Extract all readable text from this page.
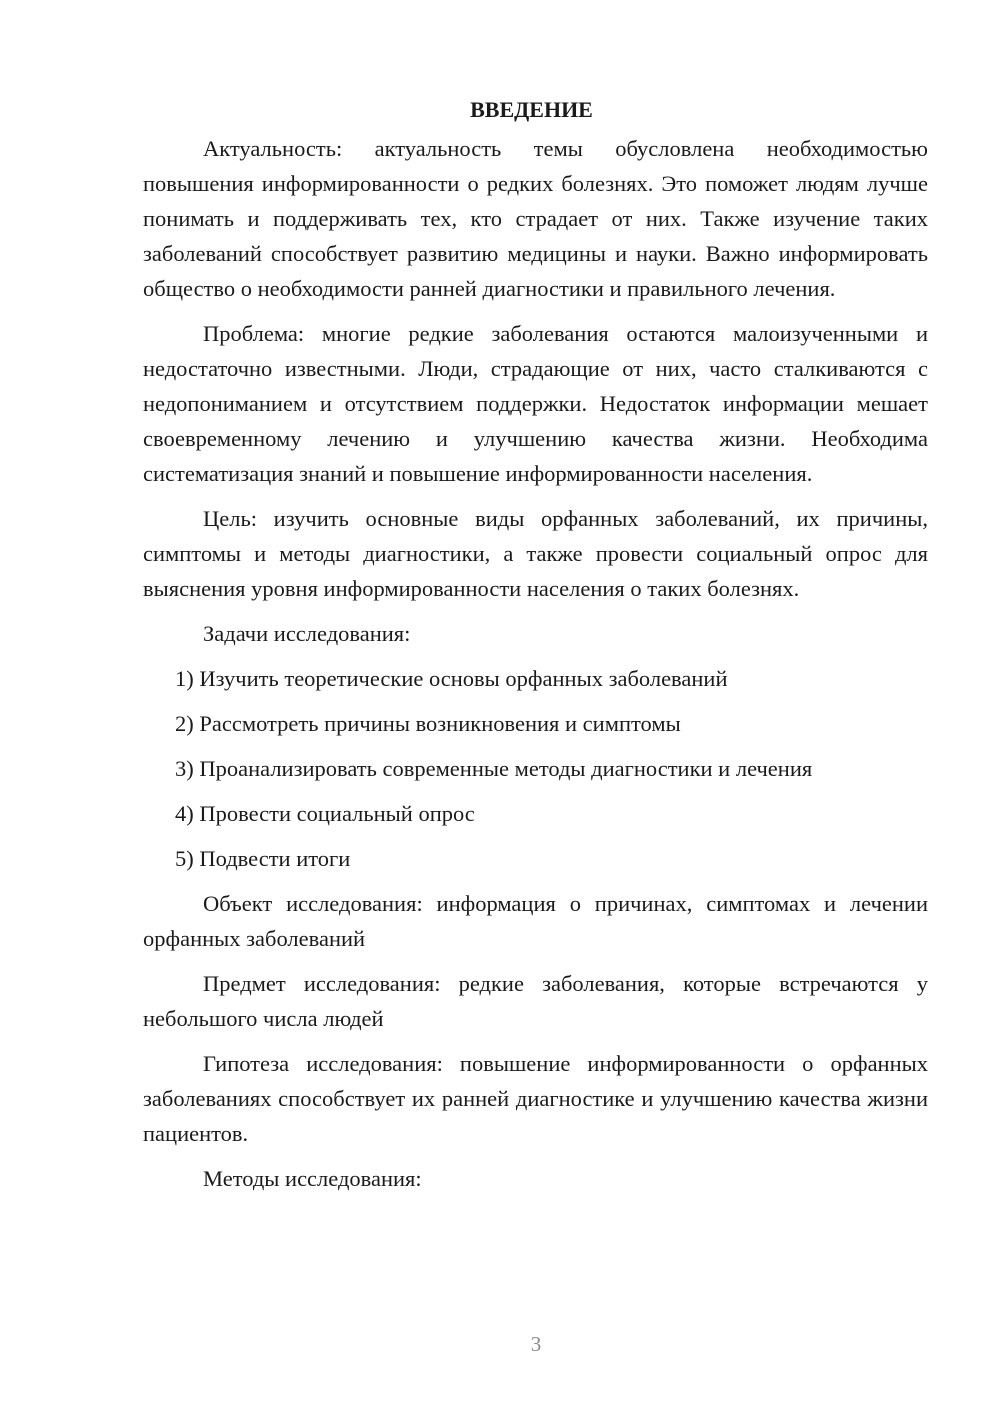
ВВЕДЕНИЕ

Актуальность: актуальность темы обусловлена необходимостью повышения информированности о редких болезнях. Это поможет людям лучше понимать и поддерживать тех, кто страдает от них. Также изучение таких заболеваний способствует развитию медицины и науки. Важно информировать общество о необходимости ранней диагностики и правильного лечения.

Проблема: многие редкие заболевания остаются малоизученными и недостаточно известными. Люди, страдающие от них, часто сталкиваются с недопониманием и отсутствием поддержки. Недостаток информации мешает своевременному лечению и улучшению качества жизни. Необходима систематизация знаний и повышение информированности населения.

Цель: изучить основные виды орфанных заболеваний, их причины, симптомы и методы диагностики, а также провести социальный опрос для выяснения уровня информированности населения о таких болезнях.

Задачи исследования:

1) Изучить теоретические основы орфанных заболеваний

2) Рассмотреть причины возникновения и симптомы

3) Проанализировать современные методы диагностики и лечения

4) Провести социальный опрос

5) Подвести итоги

Объект исследования: информация о причинах, симптомах и лечении орфанных заболеваний

Предмет исследования: редкие заболевания, которые встречаются у небольшого числа людей

Гипотеза исследования: повышение информированности о орфанных заболеваниях способствует их ранней диагностике и улучшению качества жизни пациентов.

Методы исследования:

3
